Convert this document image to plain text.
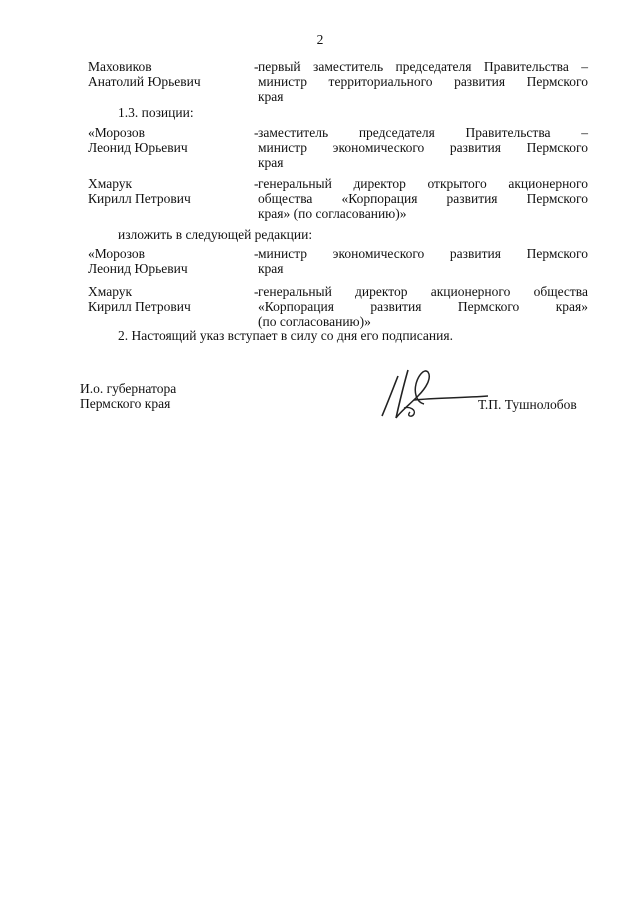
2
Маховиков
Анатолий Юрьевич
- первый заместитель председателя Правительства –
министр территориального развития Пермского
края
1.3. позиции:
«Морозов
Леонид Юрьевич
- заместитель председателя Правительства –
министр экономического развития Пермского
края
Хмарук
Кирилл Петрович
- генеральный директор открытого акционерного
общества «Корпорация развития Пермского
края» (по согласованию)»
изложить в следующей редакции:
«Морозов
Леонид Юрьевич
- министр экономического развития Пермского
края
Хмарук
Кирилл Петрович
- генеральный директор акционерного общества
«Корпорация развития Пермского края»
(по согласованию)»
2. Настоящий указ вступает в силу со дня его подписания.
И.о. губернатора
Пермского края	Т.П. Тушнолобов
